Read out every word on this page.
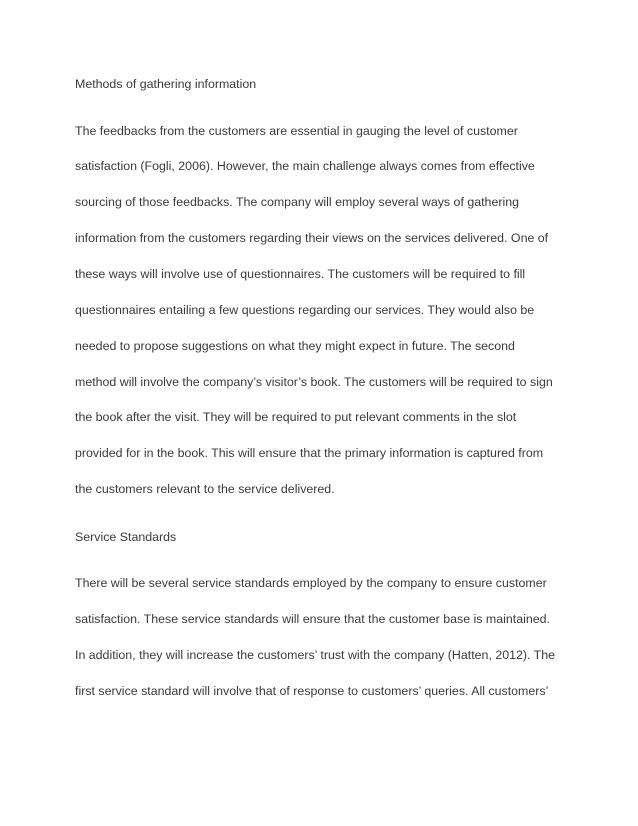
Methods of gathering information
The feedbacks from the customers are essential in gauging the level of customer
satisfaction (Fogli, 2006). However, the main challenge always comes from effective
sourcing of those feedbacks. The company will employ several ways of gathering
information from the customers regarding their views on the services delivered. One of
these ways will involve use of questionnaires. The customers will be required to fill
questionnaires entailing a few questions regarding our services. They would also be
needed to propose suggestions on what they might expect in future. The second
method will involve the company’s visitor’s book. The customers will be required to sign
the book after the visit. They will be required to put relevant comments in the slot
provided for in the book. This will ensure that the primary information is captured from
the customers relevant to the service delivered.
Service Standards
There will be several service standards employed by the company to ensure customer
satisfaction. These service standards will ensure that the customer base is maintained.
In addition, they will increase the customers’ trust with the company (Hatten, 2012). The
first service standard will involve that of response to customers’ queries. All customers’
